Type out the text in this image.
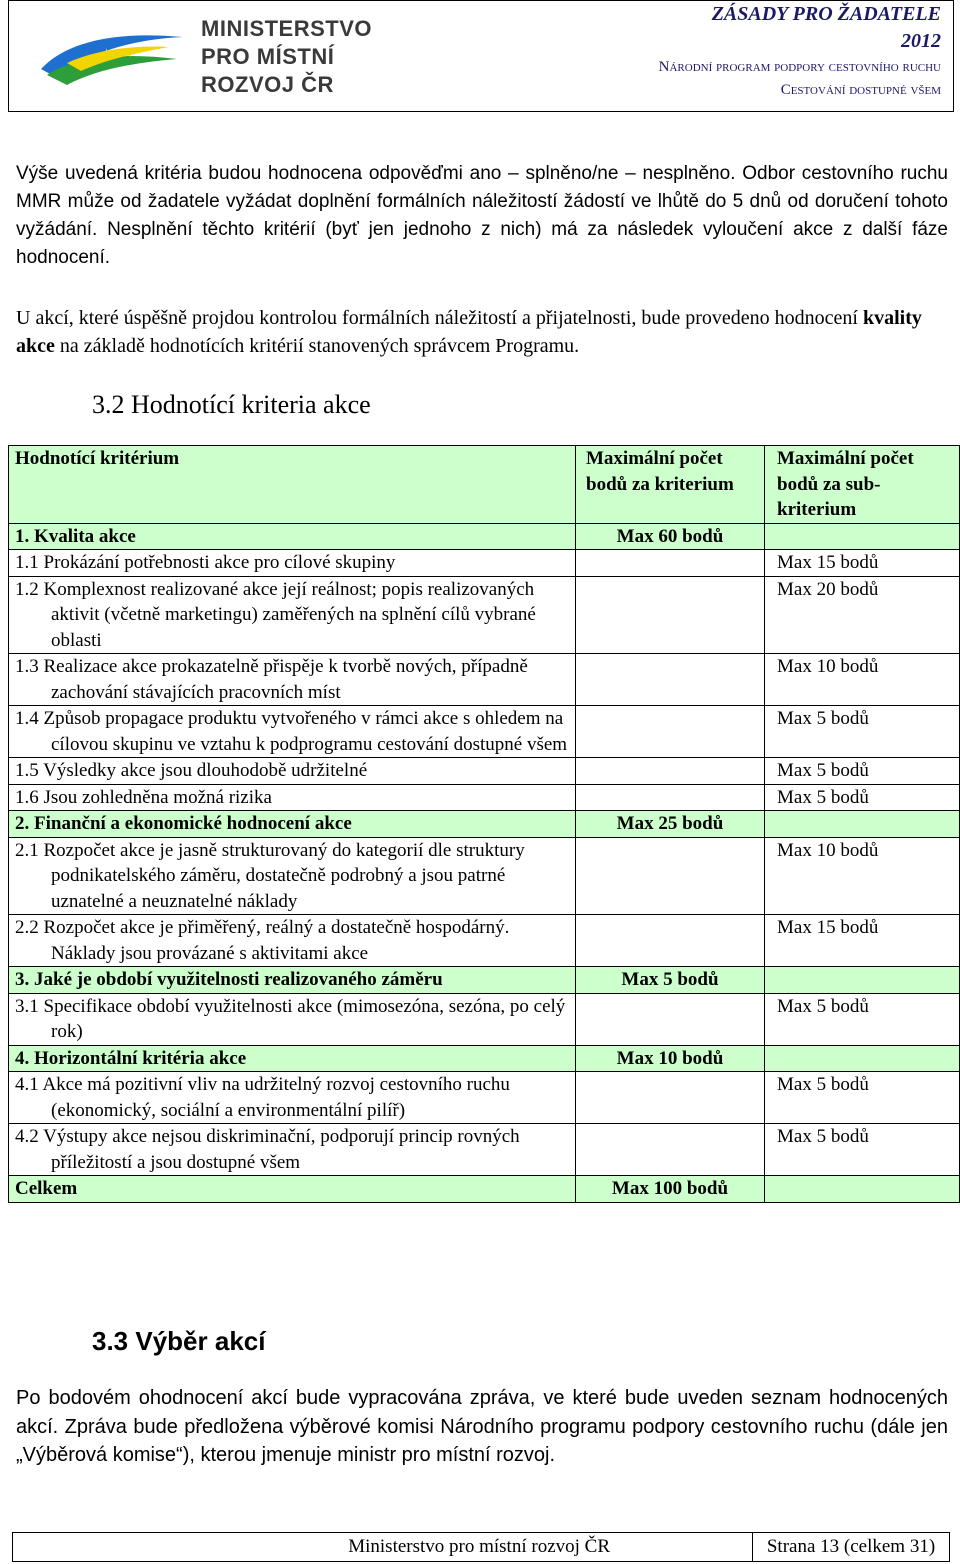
★★★
MINISTERSTVO
PRO MÍSTNÍ
ROZVOJ ČR
ZÁSADY PRO ŽADATELE
2012
Národní program podpory cestovního ruchu
Cestování dostupné všem
Výše uvedená kritéria budou hodnocena odpověďmi ano – splněno/ne – nesplněno. Odbor cestovního ruchu MMR může od žadatele vyžádat doplnění formálních náležitostí žádostí ve lhůtě do 5 dnů od doručení tohoto vyžádání. Nesplnění těchto kritérií (byť jen jednoho z nich) má za následek vyloučení akce z další fáze hodnocení.
U akcí, které úspěšně projdou kontrolou formálních náležitostí a přijatelnosti, bude provedeno hodnocení kvality akce na základě hodnotících kritérií stanovených správcem Programu.
3.2 Hodnotící kriteria akce
Hodnotící kritérium	Maximální počet bodů za kriterium	Maximální počet bodů za sub-kriterium
1. Kvalita akce	Max 60 bodů	

1.1 Prokázání potřebnosti akce pro cílové skupiny		Max 15 bodů

1.2 Komplexnost realizované akce její reálnost; popis realizovaných aktivit (včetně marketingu) zaměřených na splnění cílů vybrané oblasti		Max 20 bodů

1.3 Realizace akce prokazatelně přispěje k tvorbě nových, případně zachování stávajících pracovních míst		Max 10 bodů

1.4 Způsob propagace produktu vytvořeného v rámci akce s ohledem na cílovou skupinu ve vztahu k podprogramu cestování dostupné všem		Max 5 bodů

1.5 Výsledky akce jsou dlouhodobě udržitelné		Max 5 bodů

1.6 Jsou zohledněna možná rizika		Max 5 bodů
2. Finanční a ekonomické hodnocení akce	Max 25 bodů	

2.1 Rozpočet akce je jasně strukturovaný do kategorií dle struktury podnikatelského záměru, dostatečně podrobný a jsou patrné uznatelné a neuznatelné náklady		Max 10 bodů

2.2 Rozpočet akce je přiměřený, reálný a dostatečně hospodárný. Náklady jsou provázané s aktivitami akce		Max 15 bodů
3. Jaké je období využitelnosti realizovaného záměru	Max 5 bodů	

3.1 Specifikace období využitelnosti akce (mimosezóna, sezóna, po celý rok)		Max 5 bodů
4. Horizontální kritéria akce	Max 10 bodů	

4.1 Akce má pozitivní vliv na udržitelný rozvoj cestovního ruchu (ekonomický, sociální a environmentální pilíř)		Max 5 bodů

4.2 Výstupy akce nejsou diskriminační, podporují princip rovných příležitostí a jsou dostupné všem		Max 5 bodů
Celkem	Max 100 bodů	
3.3 Výběr akcí
Po bodovém ohodnocení akcí bude vypracována zpráva, ve které bude uveden seznam hodnocených akcí. Zpráva bude předložena výběrové komisi Národního programu podpory cestovního ruchu (dále jen „Výběrová komise“), kterou jmenuje ministr pro místní rozvoj.
Ministerstvo pro místní rozvoj ČR	Strana 13 (celkem 31)
